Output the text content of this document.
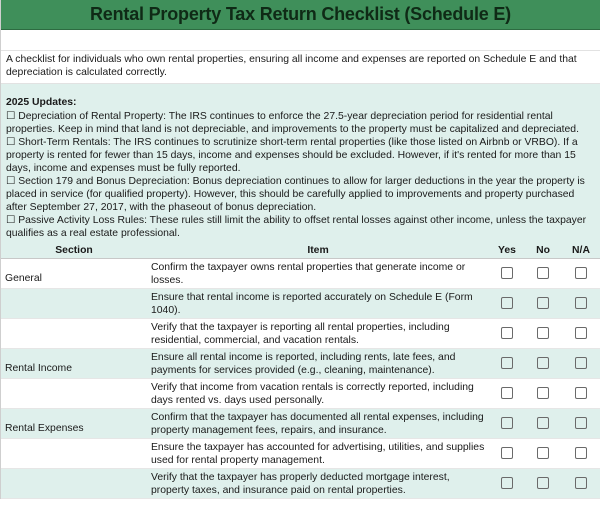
Rental Property Tax Return Checklist (Schedule E)
A checklist for individuals who own rental properties, ensuring all income and expenses are reported on Schedule E and that depreciation is calculated correctly.
2025 Updates:

☐ Depreciation of Rental Property: The IRS continues to enforce the 27.5-year depreciation period for residential rental properties. Keep in mind that land is not depreciable, and improvements to the property must be capitalized and depreciated.

☐ Short-Term Rentals: The IRS continues to scrutinize short-term rental properties (like those listed on Airbnb or VRBO). If a property is rented for fewer than 15 days, income and expenses should be excluded. However, if it's rented for more than 15 days, income and expenses must be fully reported.

☐ Section 179 and Bonus Depreciation: Bonus depreciation continues to allow for larger deductions in the year the property is placed in service (for qualified property). However, this should be carefully applied to improvements and property purchased after September 27, 2017, with the phaseout of bonus depreciation.

☐ Passive Activity Loss Rules: These rules still limit the ability to offset rental losses against other income, unless the taxpayer qualifies as a real estate professional.

Section	Item	Yes	No	N/A
General	Confirm the taxpayer owns rental properties that generate income or losses.			
	Ensure that rental income is reported accurately on Schedule E (Form 1040).			
	Verify that the taxpayer is reporting all rental properties, including residential, commercial, and vacation rentals.			
Rental Income	Ensure all rental income is reported, including rents, late fees, and payments for services provided (e.g., cleaning, maintenance).			
	Verify that income from vacation rentals is correctly reported, including days rented vs. days used personally.			
Rental Expenses	Confirm that the taxpayer has documented all rental expenses, including property management fees, repairs, and insurance.			
	Ensure the taxpayer has accounted for advertising, utilities, and supplies used for rental property management.			
	Verify that the taxpayer has properly deducted mortgage interest, property taxes, and insurance paid on rental properties.			
